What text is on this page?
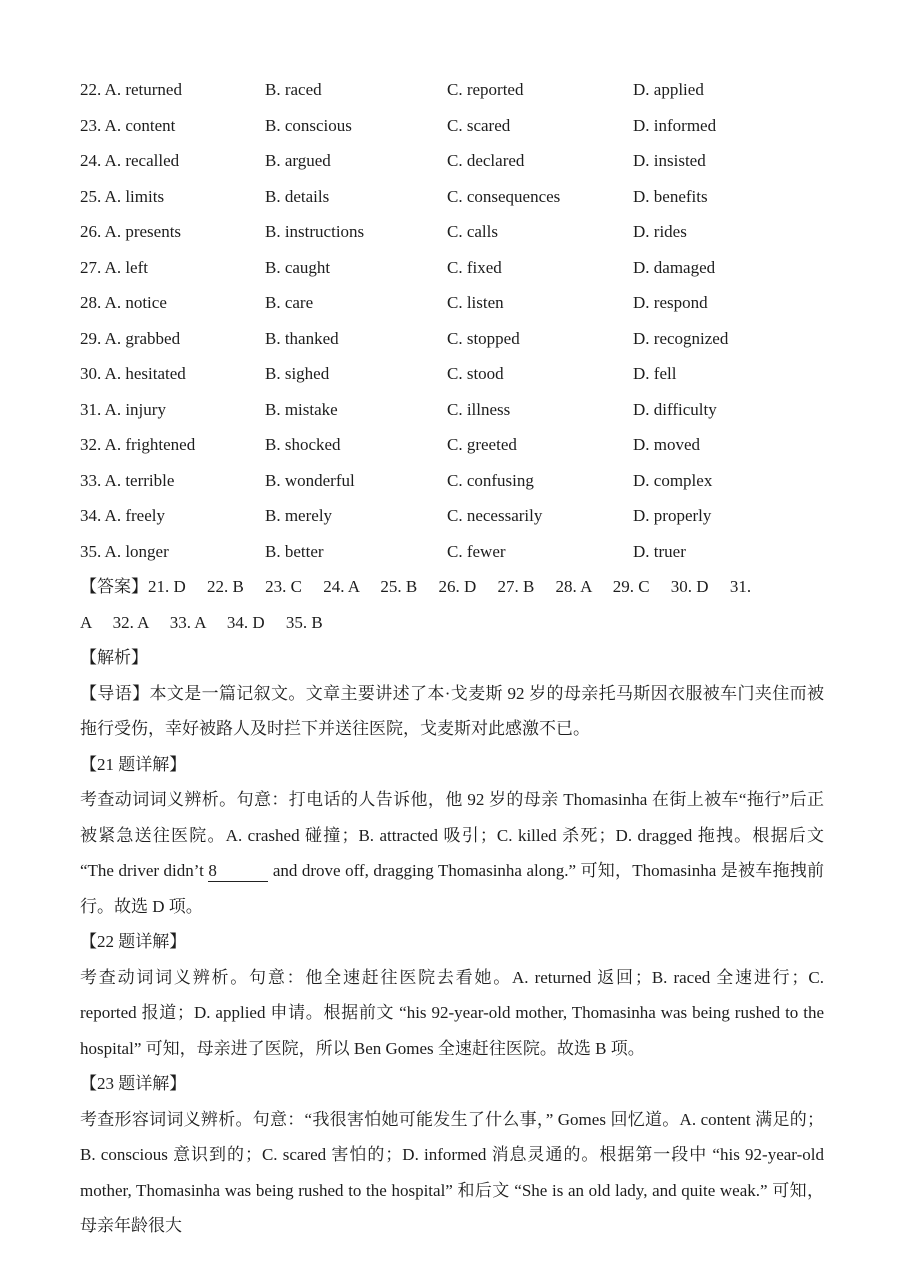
22. A. returned	B. raced	C. reported	D. applied
23. A. content	B. conscious	C. scared	D. informed
24. A. recalled	B. argued	C. declared	D. insisted
25. A. limits	B. details	C. consequences	D. benefits
26. A. presents	B. instructions	C. calls	D. rides
27. A. left	B. caught	C. fixed	D. damaged
28. A. notice	B. care	C. listen	D. respond
29. A. grabbed	B. thanked	C. stopped	D. recognized
30. A. hesitated	B. sighed	C. stood	D. fell
31. A. injury	B. mistake	C. illness	D. difficulty
32. A. frightened	B. shocked	C. greeted	D. moved
33. A. terrible	B. wonderful	C. confusing	D. complex
34. A. freely	B. merely	C. necessarily	D. properly
35. A. longer	B. better	C. fewer	D. truer
【答案】21. D     22. B     23. C     24. A     25. B     26. D     27. B     28. A     29. C     30. D     31.
A     32. A     33. A     34. D     35. B
【解析】

【导语】本文是一篇记叙文。文章主要讲述了本·戈麦斯 92 岁的母亲托马斯因衣服被车门夹住而被拖行受伤，幸好被路人及时拦下并送往医院，戈麦斯对此感激不已。

【21 题详解】

考查动词词义辨析。句意：打电话的人告诉他，他 92 岁的母亲 Thomasinha 在街上被车“拖行”后正被紧急送往医院。A. crashed 碰撞；B. attracted 吸引；C. killed 杀死；D. dragged 拖拽。根据后文 “The driver didn’t 8	and drove off, dragging Thomasinha along.” 可知，Thomasinha 是被车拖拽前行。故选 D 项。

【22 题详解】

考查动词词义辨析。句意：他全速赶往医院去看她。A. returned 返回；B. raced 全速进行；C. reported 报道；D. applied 申请。根据前文 “his 92-year-old mother, Thomasinha was being rushed to the hospital” 可知，母亲进了医院，所以 Ben Gomes 全速赶往医院。故选 B 项。

【23 题详解】

考查形容词词义辨析。句意：“我很害怕她可能发生了什么事，” Gomes 回忆道。A. content 满足的；B. conscious 意识到的；C. scared 害怕的；D. informed 消息灵通的。根据第一段中 “his 92-year-old mother, Thomasinha was being rushed to the hospital” 和后文 “She is an old lady, and quite weak.” 可知，母亲年龄很大
